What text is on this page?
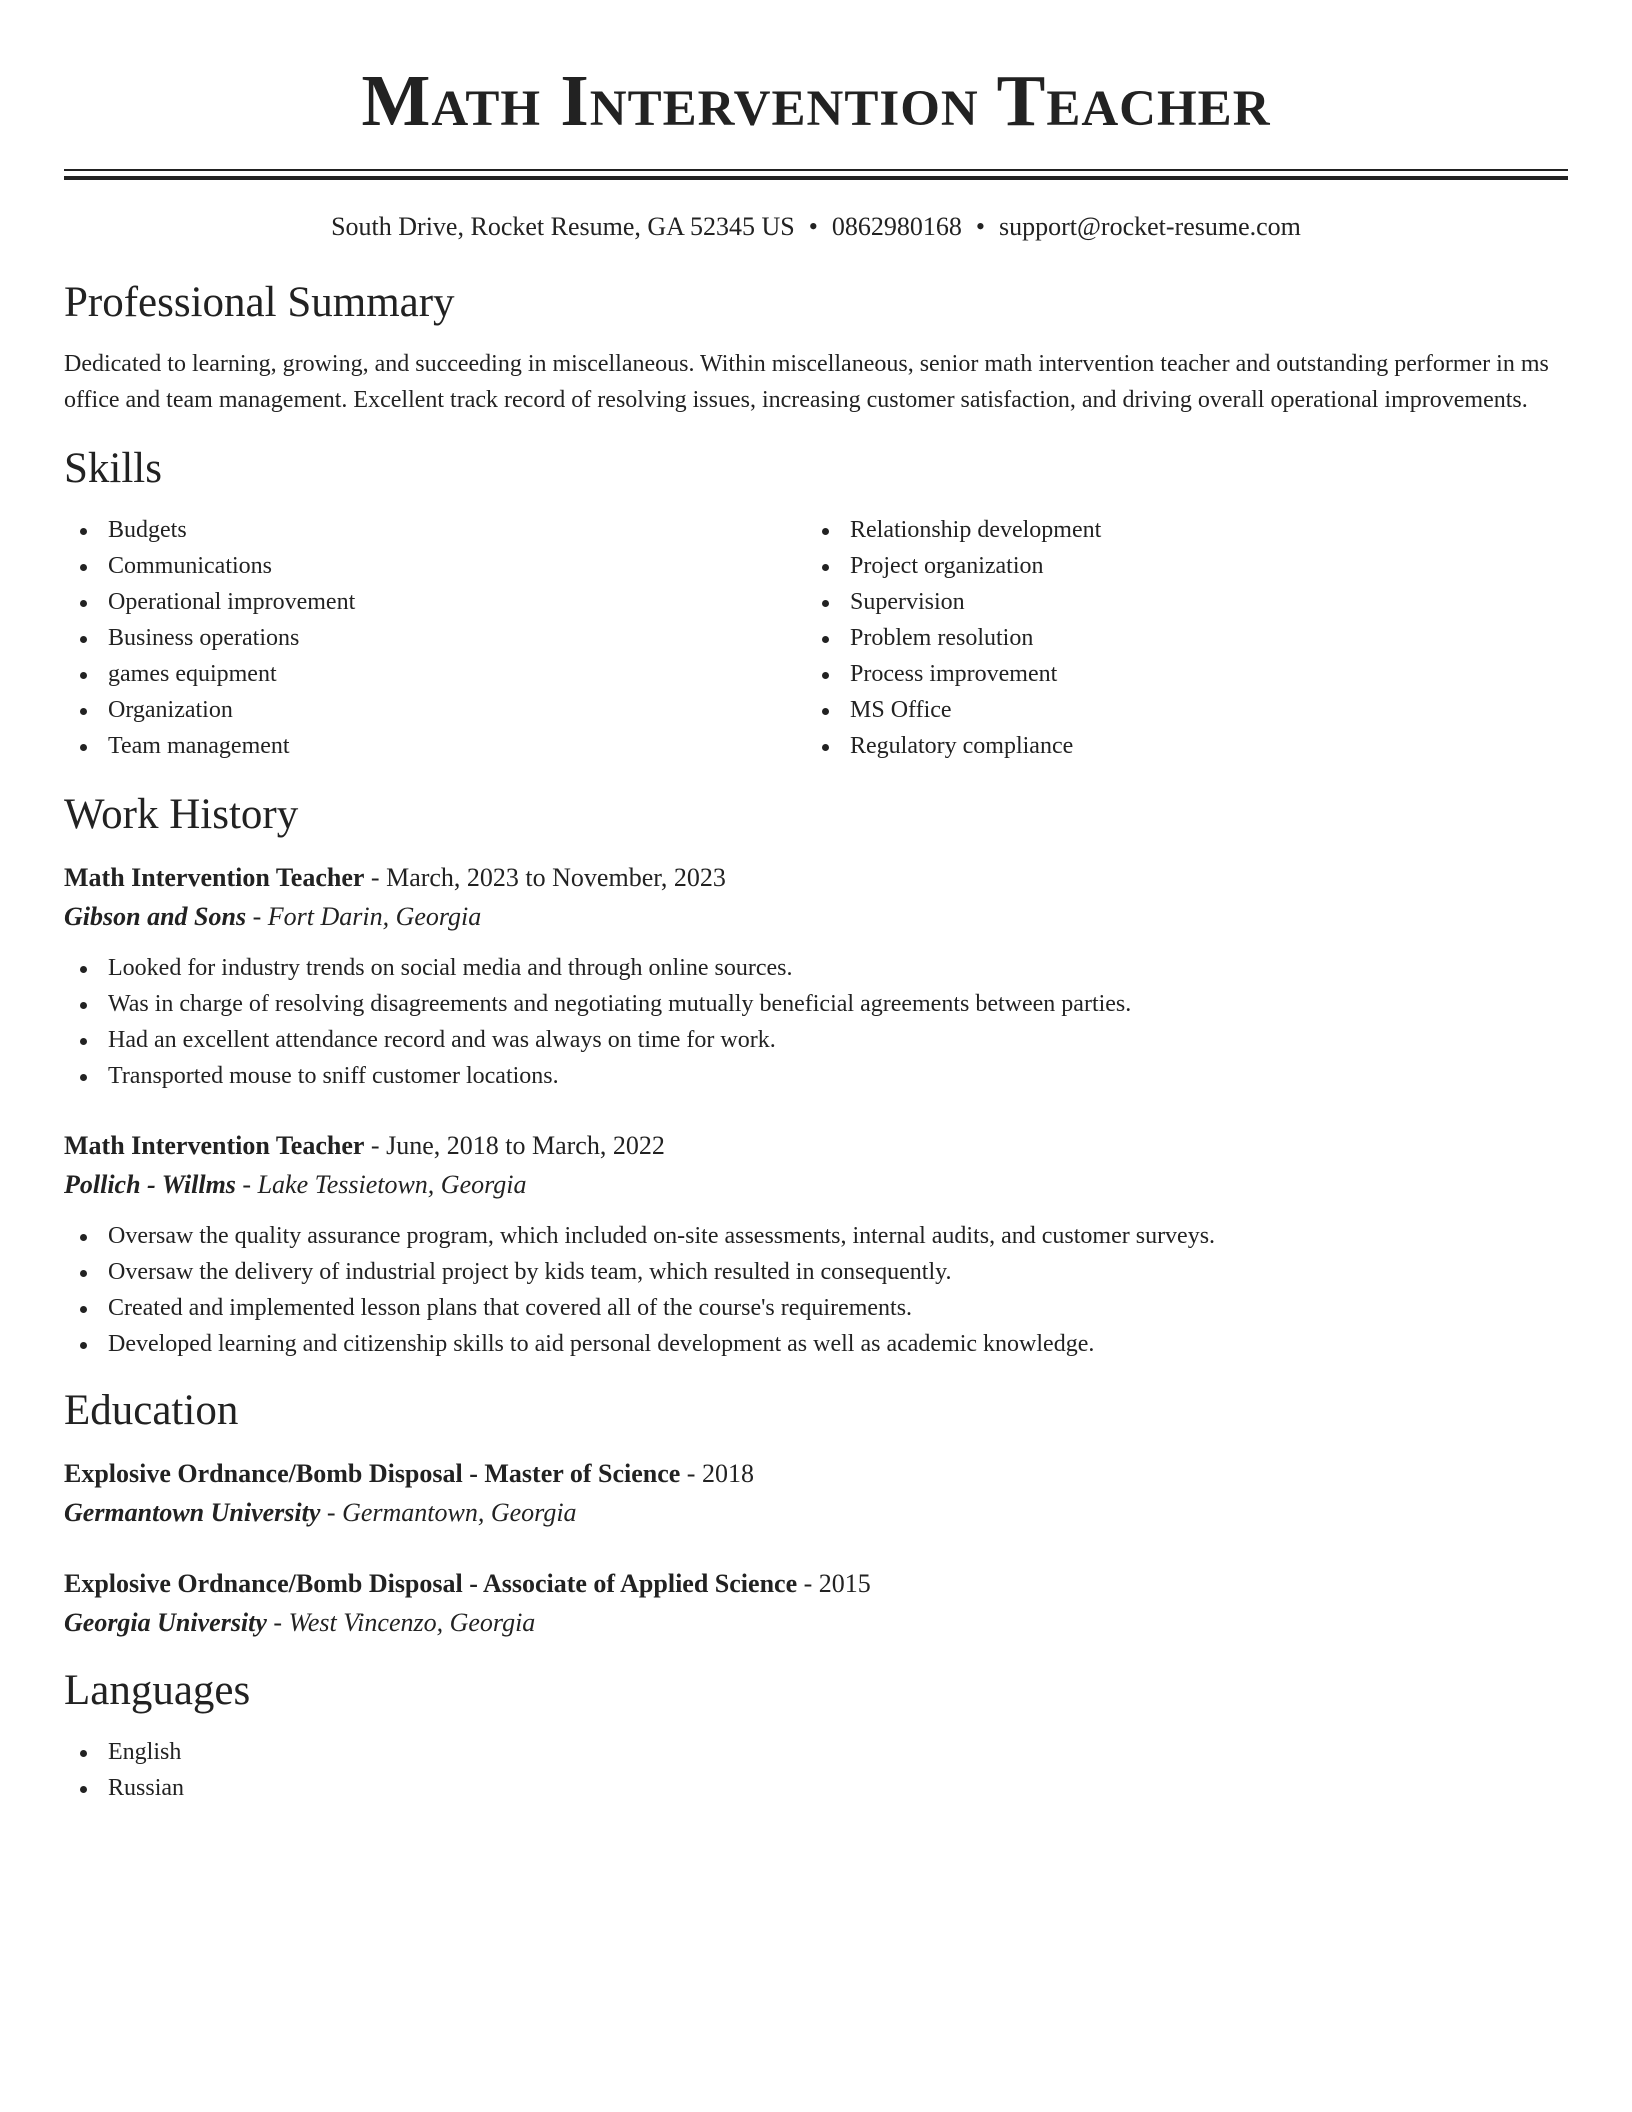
Math Intervention Teacher
South Drive, Rocket Resume, GA 52345 US • 0862980168 • support@rocket-resume.com
Professional Summary

Dedicated to learning, growing, and succeeding in miscellaneous. Within miscellaneous, senior math intervention teacher and outstanding performer in ms office and team management. Excellent track record of resolving issues, increasing customer satisfaction, and driving overall operational improvements.

Skills
Budgets
Communications
Operational improvement
Business operations
games equipment
Organization
Team management
Relationship development
Project organization
Supervision
Problem resolution
Process improvement
MS Office
Regulatory compliance
Work History
Math Intervention Teacher - March, 2023 to November, 2023
Gibson and Sons - Fort Darin, Georgia
Looked for industry trends on social media and through online sources.
Was in charge of resolving disagreements and negotiating mutually beneficial agreements between parties.
Had an excellent attendance record and was always on time for work.
Transported mouse to sniff customer locations.
Math Intervention Teacher - June, 2018 to March, 2022
Pollich - Willms - Lake Tessietown, Georgia
Oversaw the quality assurance program, which included on-site assessments, internal audits, and customer surveys.
Oversaw the delivery of industrial project by kids team, which resulted in consequently.
Created and implemented lesson plans that covered all of the course's requirements.
Developed learning and citizenship skills to aid personal development as well as academic knowledge.
Education
Explosive Ordnance/Bomb Disposal - Master of Science - 2018
Germantown University - Germantown, Georgia
Explosive Ordnance/Bomb Disposal - Associate of Applied Science - 2015
Georgia University - West Vincenzo, Georgia
Languages
English
Russian
